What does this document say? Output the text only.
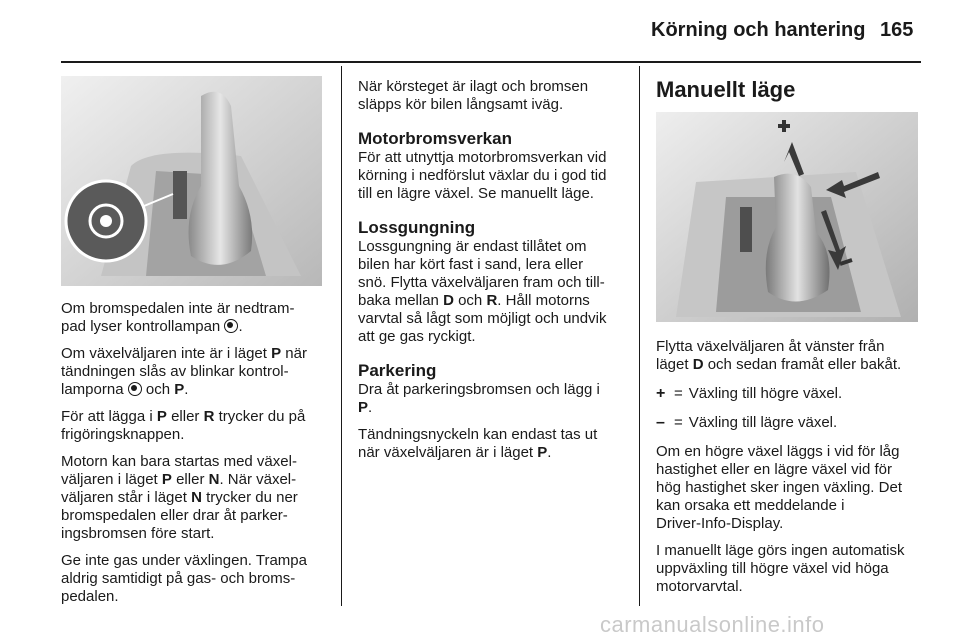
Körning och hantering 165

Om bromspedalen inte är nedtram-
pad lyser kontrollampan .

Om växelväljaren inte är i läget P när
tändningen slås av blinkar kontrol-
lamporna  och P.

För att lägga i P eller R trycker du på
frigöringsknappen.

Motorn kan bara startas med växel-
väljaren i läget P eller N. När växel-
väljaren står i läget N trycker du ner
bromspedalen eller drar åt parker-
ingsbromsen före start.

Ge inte gas under växlingen. Trampa
aldrig samtidigt på gas- och broms-
pedalen.

När körsteget är ilagt och bromsen
släpps kör bilen långsamt iväg.

Motorbromsverkan

För att utnyttja motorbromsverkan vid
körning i nedförslut växlar du i god tid
till en lägre växel. Se manuellt läge.

Lossgungning

Lossgungning är endast tillåtet om
bilen har kört fast i sand, lera eller
snö. Flytta växelväljaren fram och till-
baka mellan D och R. Håll motorns
varvtal så lågt som möjligt och undvik
att ge gas ryckigt.

Parkering

Dra åt parkeringsbromsen och lägg i
P.

Tändningsnyckeln kan endast tas ut
när växelväljaren är i läget P.

Manuellt läge

Flytta växelväljaren åt vänster från
läget D och sedan framåt eller bakåt.

+ = Växling till högre växel.
– = Växling till lägre växel.

Om en högre växel läggs i vid för låg
hastighet eller en lägre växel vid för
hög hastighet sker ingen växling. Det
kan orsaka ett meddelande i
Driver-Info-Display.

I manuellt läge görs ingen automatisk
uppväxling till högre växel vid höga
motorvarvtal.

carmanualsonline.info
